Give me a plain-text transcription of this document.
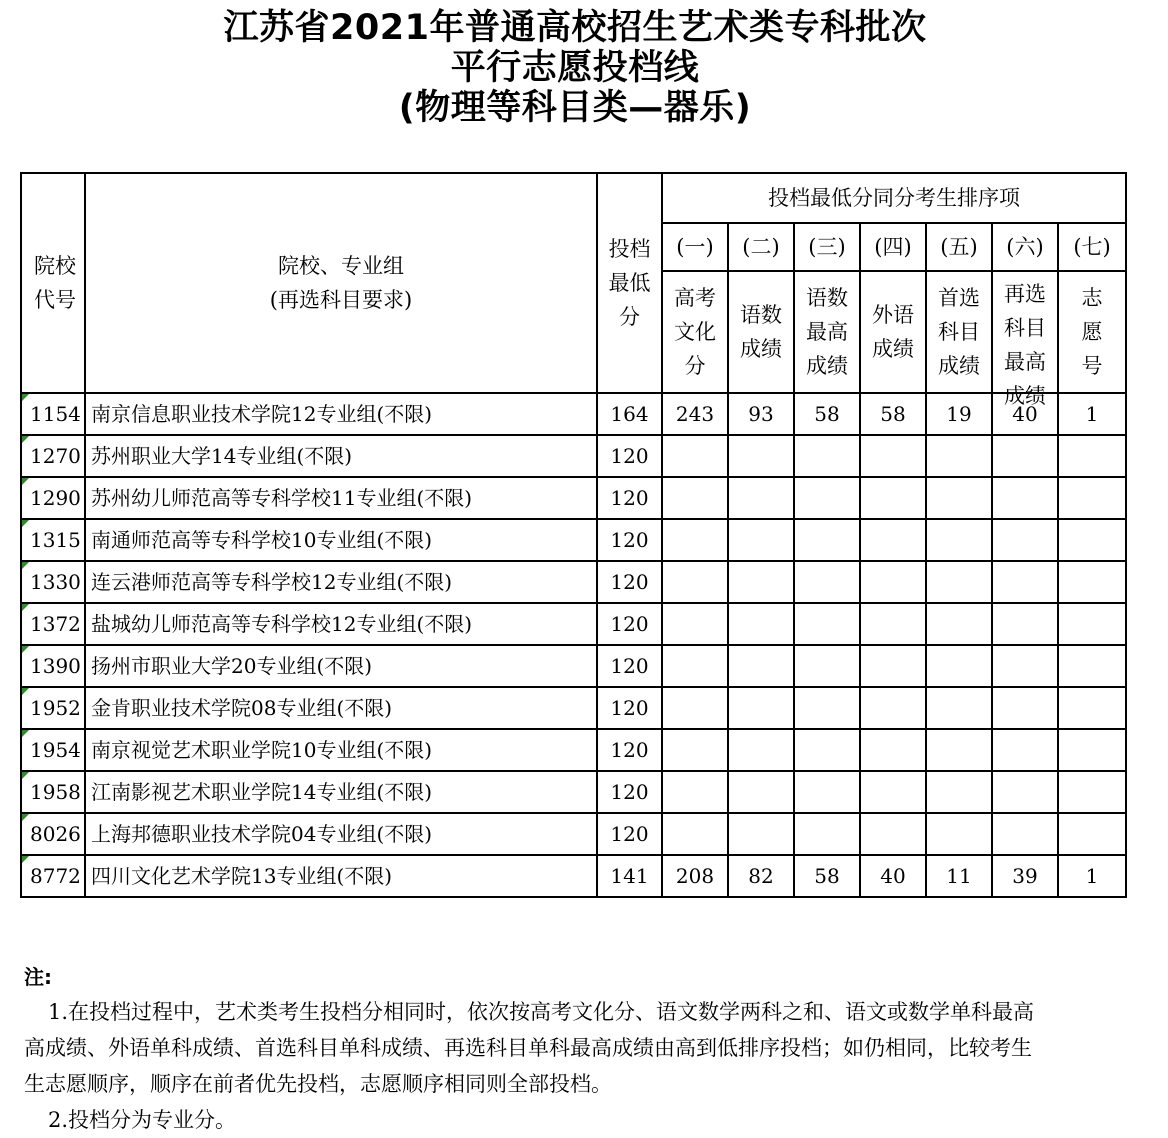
江苏省2021年普通高校招生艺术类专科批次
平行志愿投档线
(物理等科目类—器乐)
院校
代号	院校、专业组
(再选科目要求)	投档
最低
分	投档最低分同分考生排序项						
			(一)	(二)	(三)	(四)	(五)	(六)	(七)

			高考
文化
分	语数
成绩	语数
最高
成绩	外语
成绩	首选
科目
成绩	再选
科目
最高
成绩	志
愿
号

1154	南京信息职业技术学院12专业组(不限)	164	243	93	58	58	19	40	1
1270	苏州职业大学14专业组(不限)	120							
1290	苏州幼儿师范高等专科学校11专业组(不限)	120							
1315	南通师范高等专科学校10专业组(不限)	120							
1330	连云港师范高等专科学校12专业组(不限)	120							
1372	盐城幼儿师范高等专科学校12专业组(不限)	120							
1390	扬州市职业大学20专业组(不限)	120							
1952	金肯职业技术学院08专业组(不限)	120							
1954	南京视觉艺术职业学院10专业组(不限)	120							
1958	江南影视艺术职业学院14专业组(不限)	120							
8026	上海邦德职业技术学院04专业组(不限)	120							
8772	四川文化艺术学院13专业组(不限)	141	208	82	58	40	11	39	1
注:

1.在投档过程中，艺术类考生投档分相同时，依次按高考文化分、语文数学两科之和、语文或数学单科最高

高成绩、外语单科成绩、首选科目单科成绩、再选科目单科最高成绩由高到低排序投档；如仍相同，比较考生

生志愿顺序，顺序在前者优先投档，志愿顺序相同则全部投档。

2.投档分为专业分。
